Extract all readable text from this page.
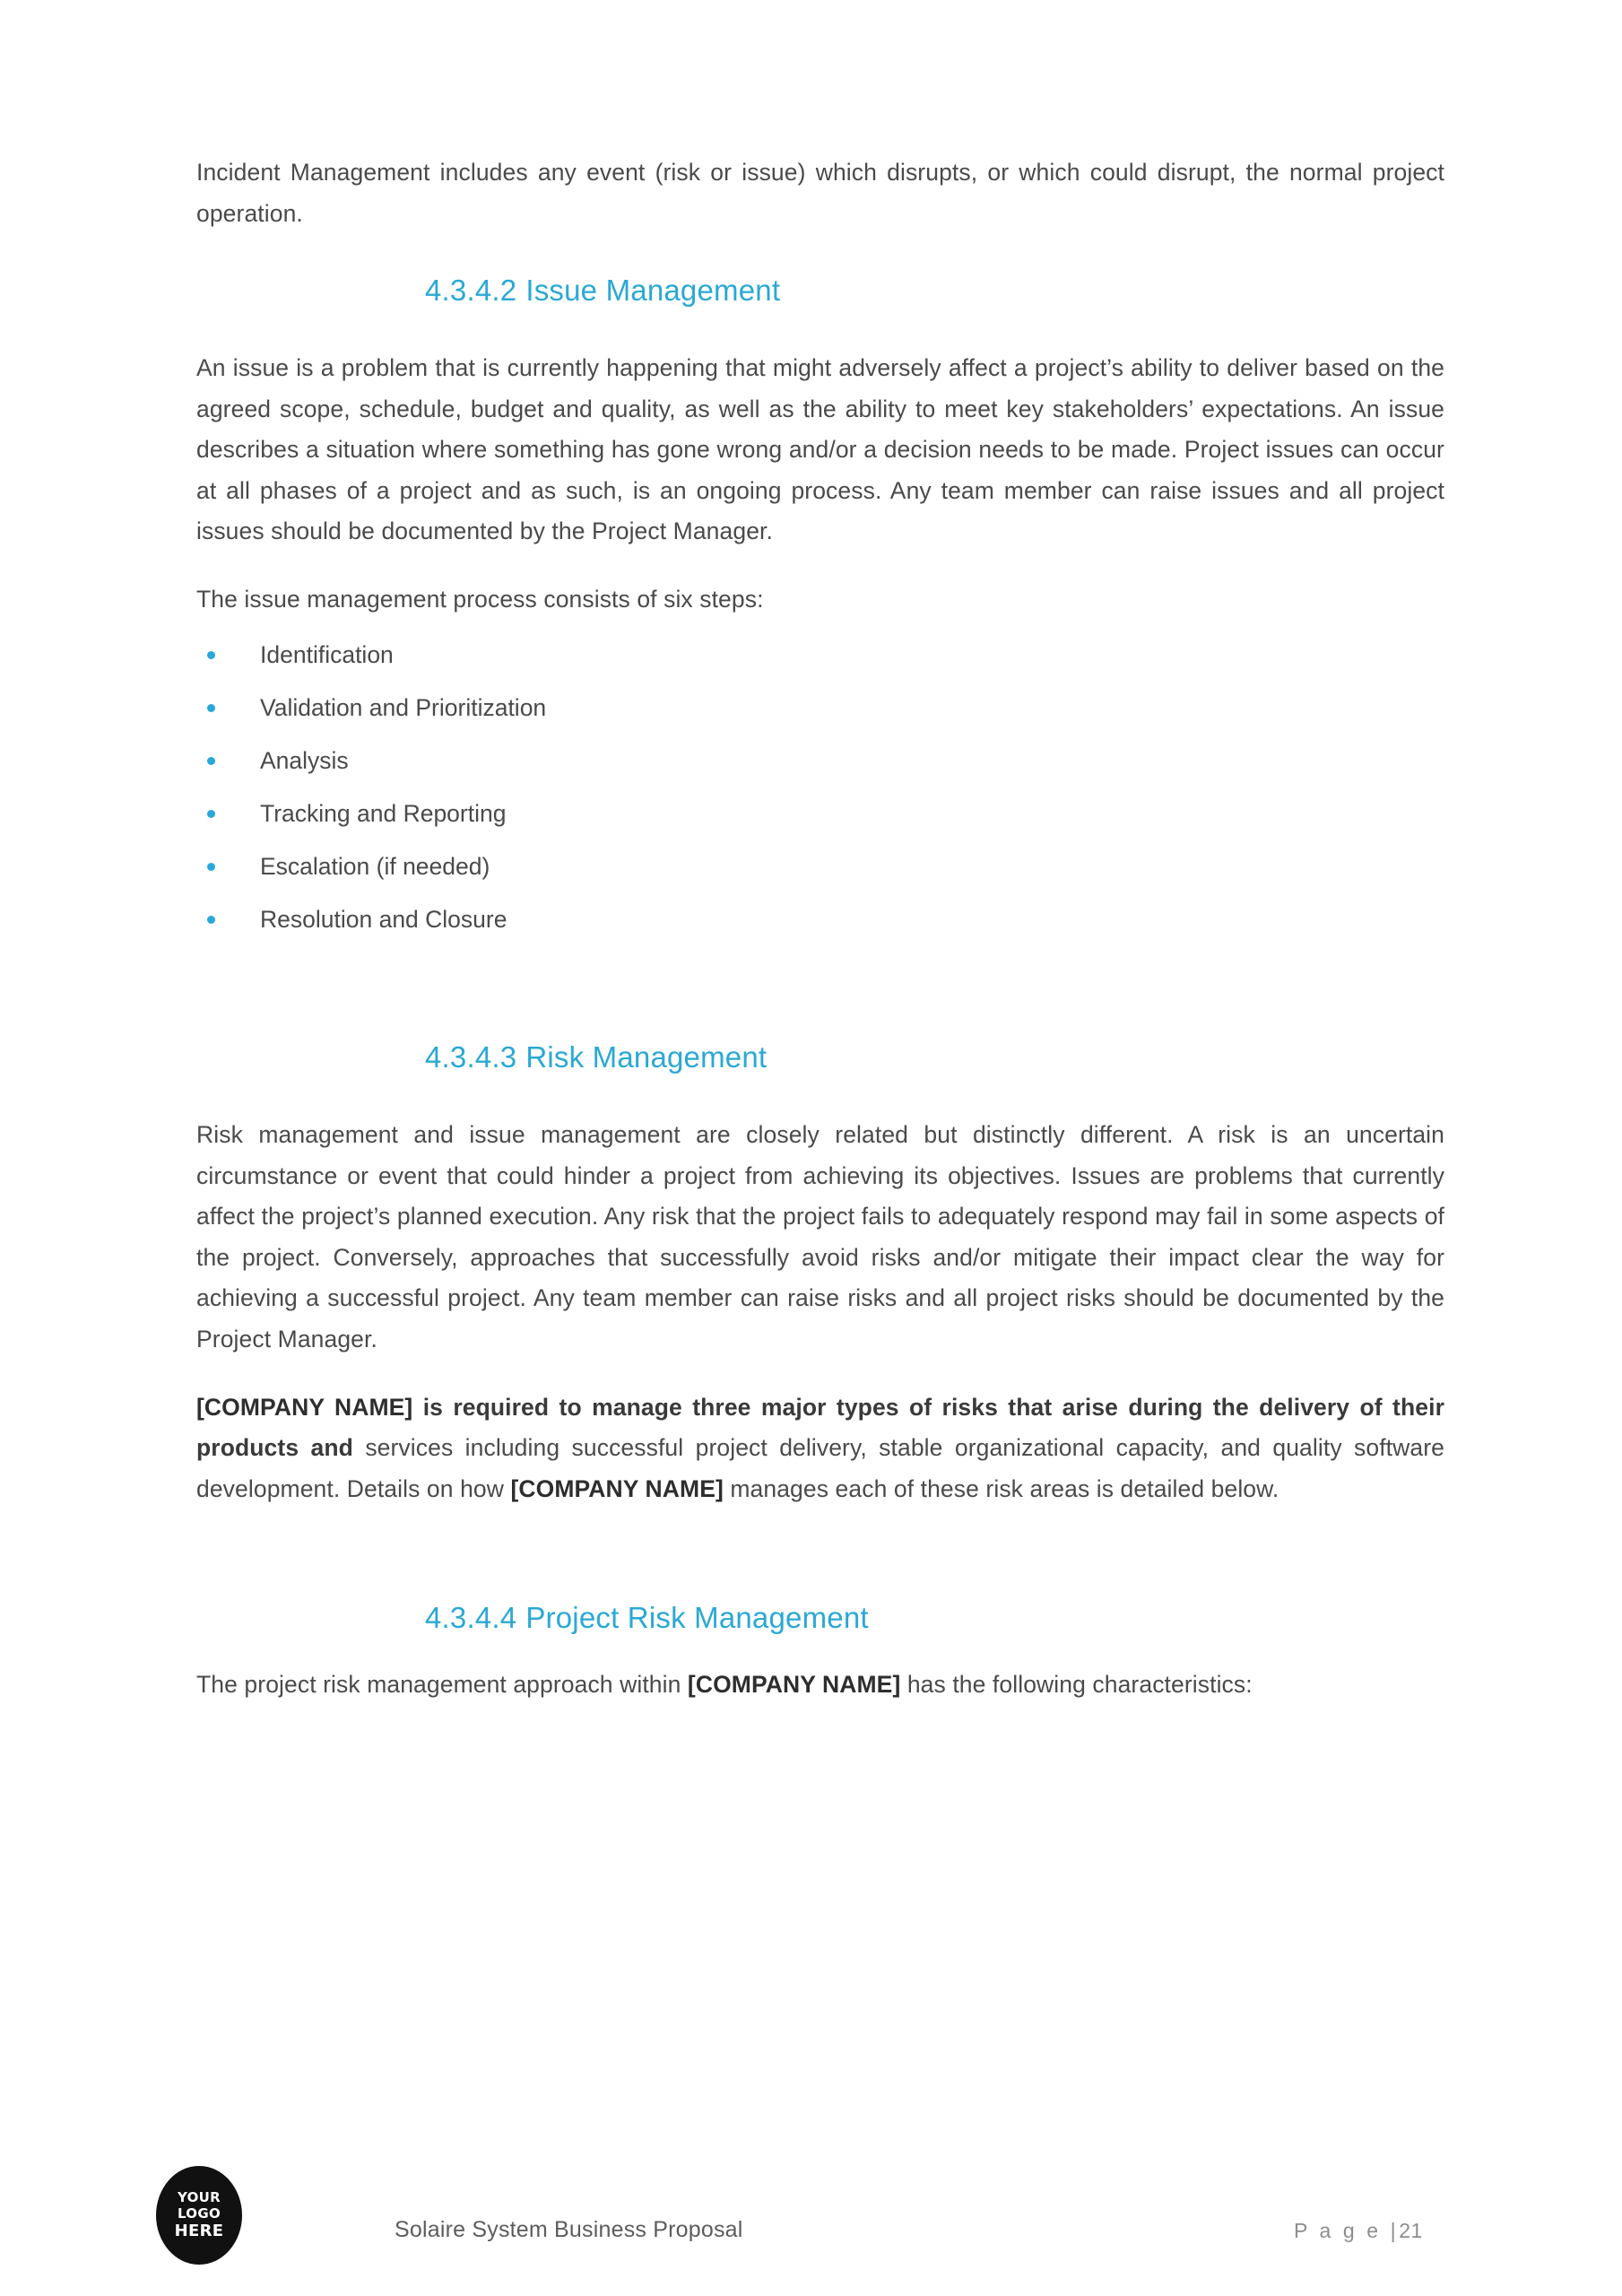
Incident Management includes any event (risk or issue) which disrupts, or which could disrupt, the normal project operation.

4.3.4.2 Issue Management

An issue is a problem that is currently happening that might adversely affect a project’s ability to deliver based on the agreed scope, schedule, budget and quality, as well as the ability to meet key stakeholders’ expectations. An issue describes a situation where something has gone wrong and/or a decision needs to be made. Project issues can occur at all phases of a project and as such, is an ongoing process. Any team member can raise issues and all project issues should be documented by the Project Manager.

The issue management process consists of six steps:

Identification
Validation and Prioritization
Analysis
Tracking and Reporting
Escalation (if needed)
Resolution and Closure
4.3.4.3 Risk Management

Risk management and issue management are closely related but distinctly different. A risk is an uncertain circumstance or event that could hinder a project from achieving its objectives. Issues are problems that currently affect the project’s planned execution. Any risk that the project fails to adequately respond may fail in some aspects of the project. Conversely, approaches that successfully avoid risks and/or mitigate their impact clear the way for achieving a successful project. Any team member can raise risks and all project risks should be documented by the Project Manager.

[COMPANY NAME] is required to manage three major types of risks that arise during the delivery of their products and services including successful project delivery, stable organizational capacity, and quality software development. Details on how [COMPANY NAME] manages each of these risk areas is detailed below.

4.3.4.4 Project Risk Management

The project risk management approach within [COMPANY NAME] has the following characteristics:

YOUR
LOGO
HERE	Solaire System Business Proposal	P a g e |21
